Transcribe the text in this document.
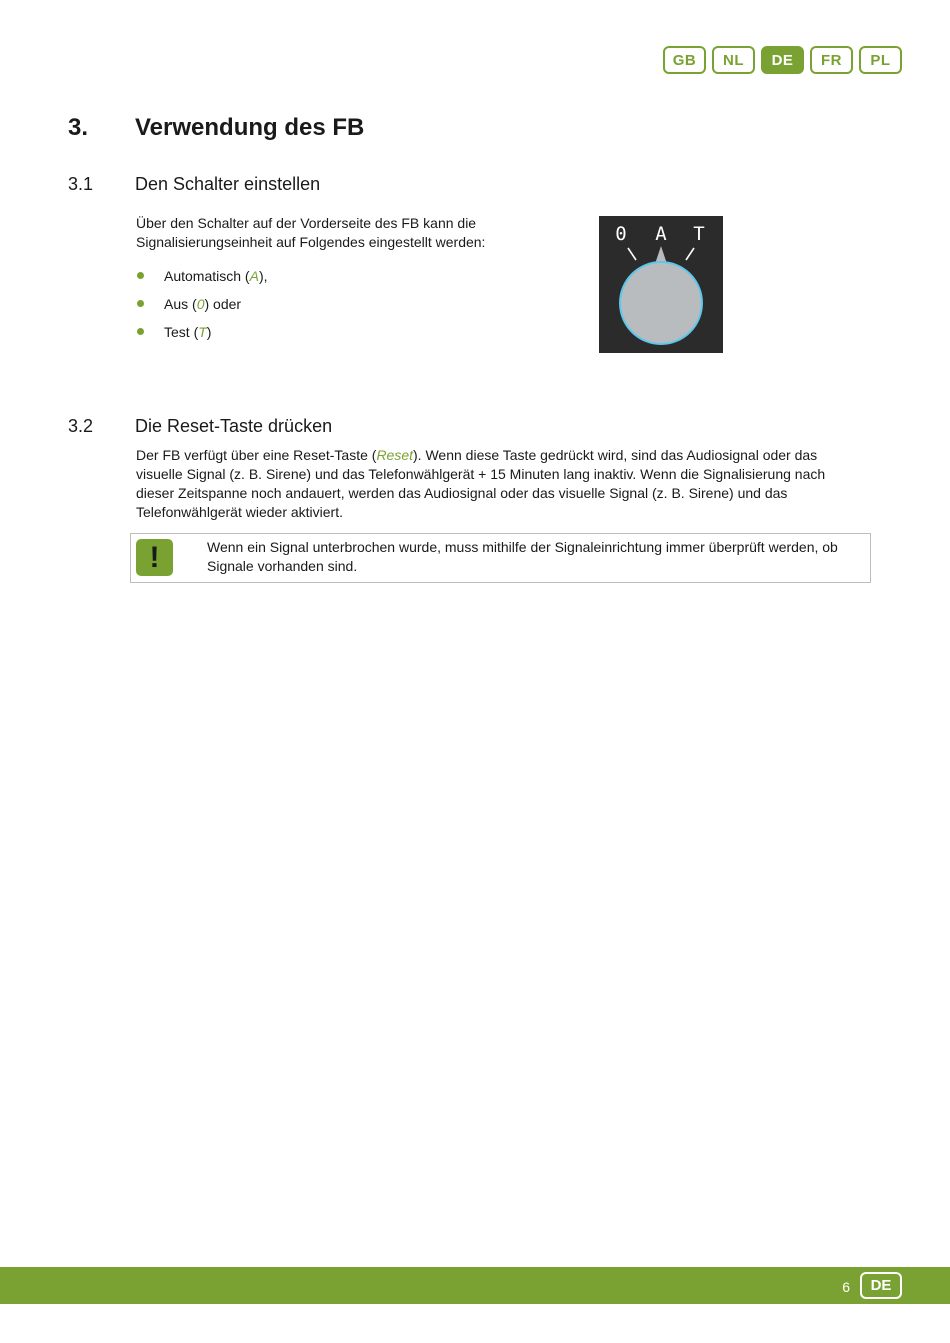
GB	NL	DE	FR	PL
3. Verwendung des FB
3.1 Den Schalter einstellen
Über den Schalter auf der Vorderseite des FB kann die
Signalisierungseinheit auf Folgendes eingestellt werden:
Automatisch (A),
Aus (0) oder
Test (T)
0 A T
3.2 Die Reset-Taste drücken
Der FB verfügt über eine Reset-Taste (Reset). Wenn diese Taste gedrückt wird, sind das Audiosignal oder das
visuelle Signal (z. B. Sirene) und das Telefonwählgerät + 15 Minuten lang inaktiv. Wenn die Signalisierung nach
dieser Zeitspanne noch andauert, werden das Audiosignal oder das visuelle Signal (z. B. Sirene) und das
Telefonwählgerät wieder aktiviert.
!	Wenn ein Signal unterbrochen wurde, muss mithilfe der Signaleinrichtung immer überprüft werden, ob
Signale vorhanden sind.
6	DE
